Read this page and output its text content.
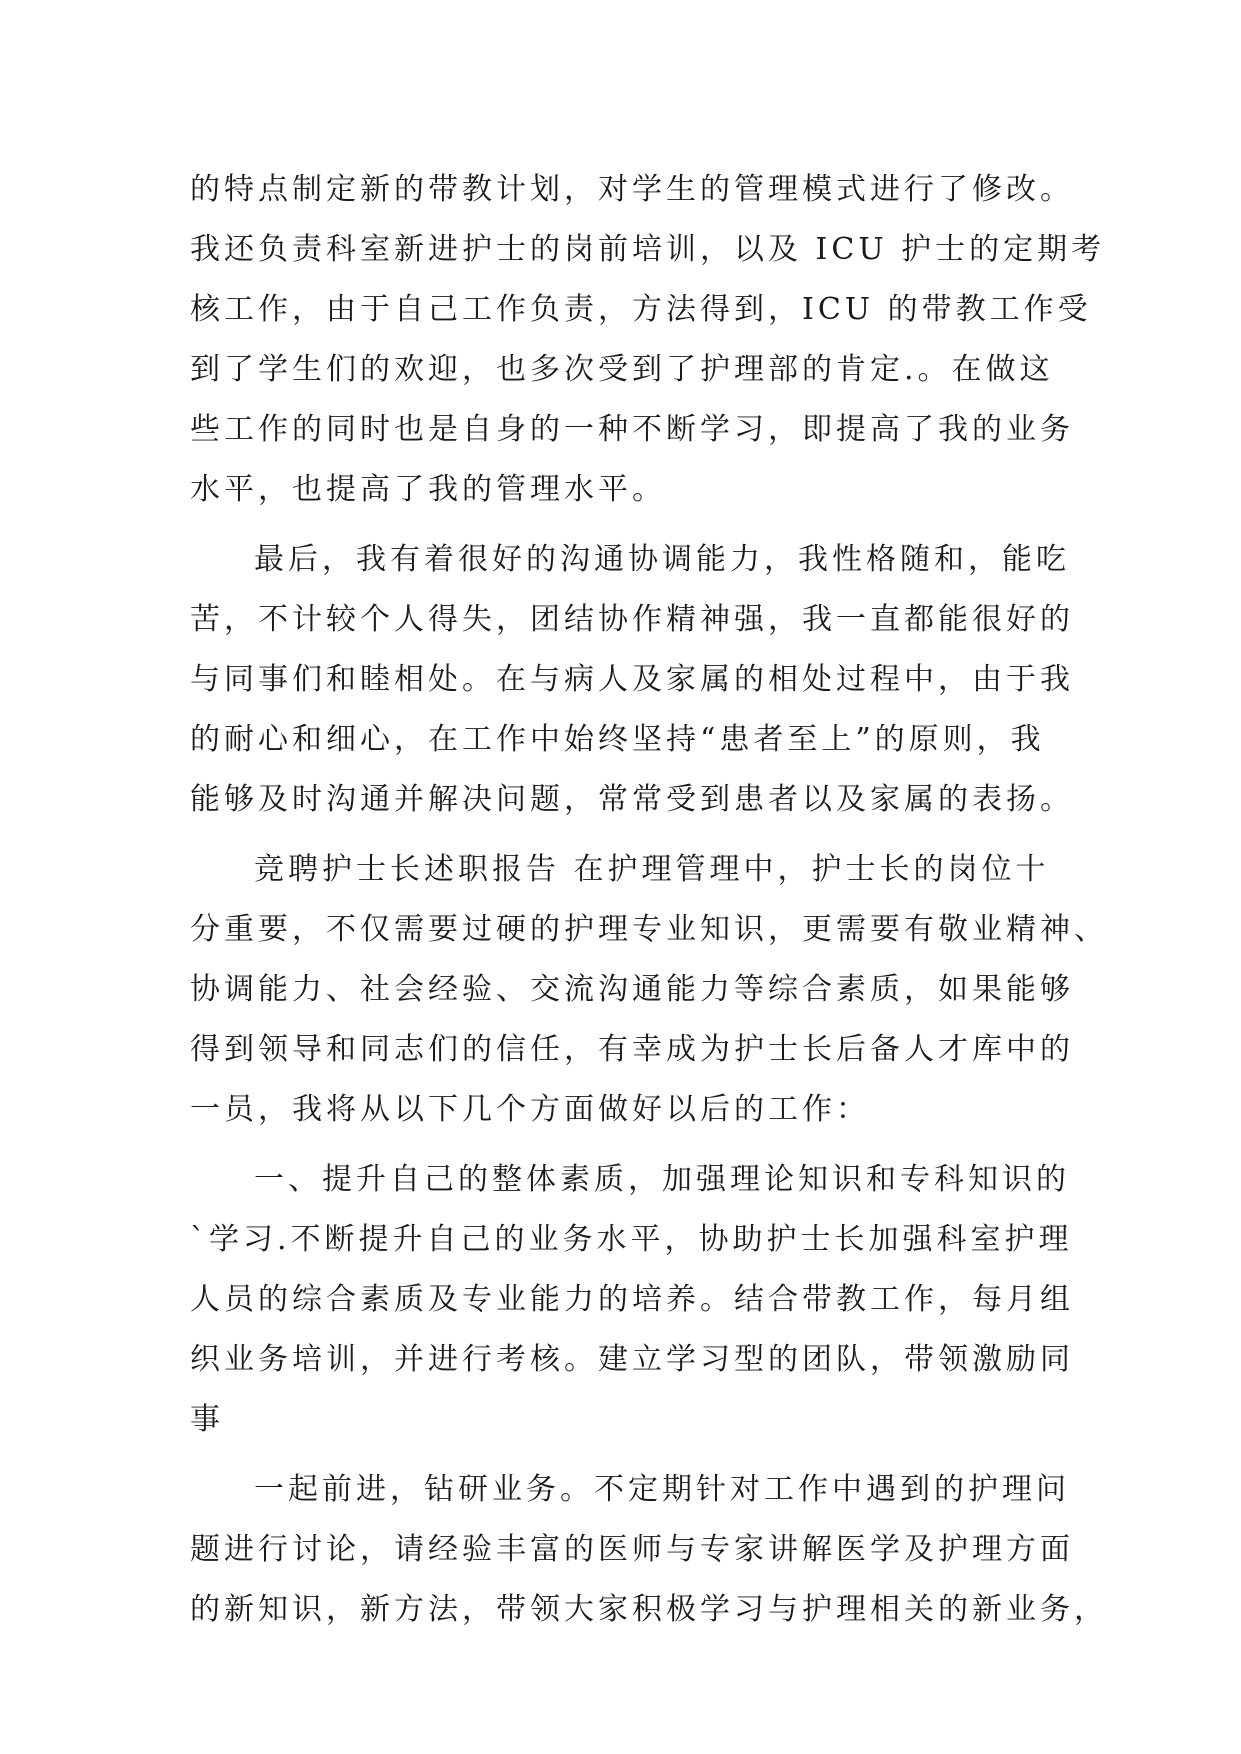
的特点制定新的带教计划，对学生的管理模式进行了修改。
我还负责科室新进护士的岗前培训，以及 ICU 护士的定期考
核工作，由于自己工作负责，方法得到，ICU 的带教工作受
到了学生们的欢迎，也多次受到了护理部的肯定.。在做这
些工作的同时也是自身的一种不断学习，即提高了我的业务
水平，也提高了我的管理水平。
最后，我有着很好的沟通协调能力，我性格随和，能吃
苦，不计较个人得失，团结协作精神强，我一直都能很好的
与同事们和睦相处。在与病人及家属的相处过程中，由于我
的耐心和细心，在工作中始终坚持“患者至上”的原则，我
能够及时沟通并解决问题，常常受到患者以及家属的表扬。
竞聘护士长述职报告 在护理管理中，护士长的岗位十
分重要，不仅需要过硬的护理专业知识，更需要有敬业精神、
协调能力、社会经验、交流沟通能力等综合素质，如果能够
得到领导和同志们的信任，有幸成为护士长后备人才库中的
一员，我将从以下几个方面做好以后的工作：
一、提升自己的整体素质，加强理论知识和专科知识的
`学习.不断提升自己的业务水平，协助护士长加强科室护理
人员的综合素质及专业能力的培养。结合带教工作，每月组
织业务培训，并进行考核。建立学习型的团队，带领激励同
事
一起前进，钻研业务。不定期针对工作中遇到的护理问
题进行讨论，请经验丰富的医师与专家讲解医学及护理方面
的新知识，新方法，带领大家积极学习与护理相关的新业务，
